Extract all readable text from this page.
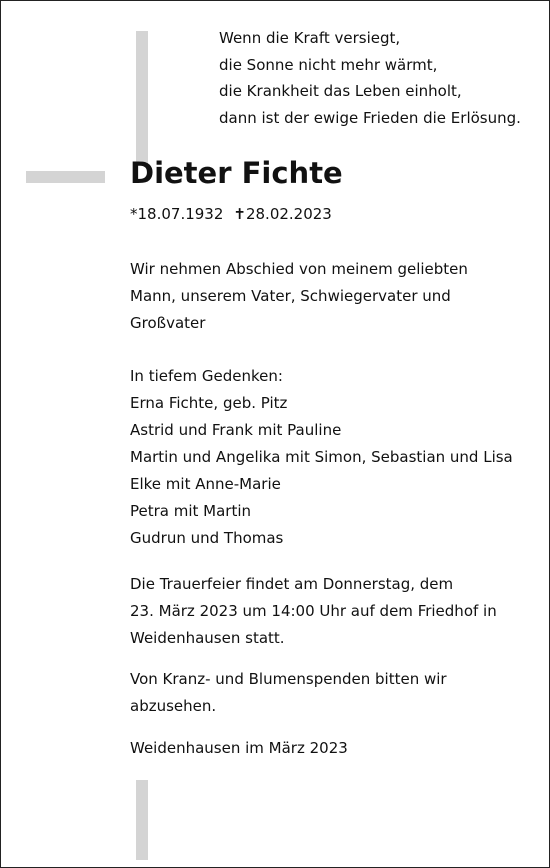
Wenn die Kraft versiegt,
die Sonne nicht mehr wärmt,
die Krankheit das Leben einholt,
dann ist der ewige Frieden die Erlösung.
Dieter Fichte
*18.07.1932 ✝28.02.2023
Wir nehmen Abschied von meinem geliebten
Mann, unserem Vater, Schwiegervater und
Großvater
In tiefem Gedenken:
Erna Fichte, geb. Pitz
Astrid und Frank mit Pauline
Martin und Angelika mit Simon, Sebastian und Lisa
Elke mit Anne-Marie
Petra mit Martin
Gudrun und Thomas
Die Trauerfeier findet am Donnerstag, dem
23. März 2023 um 14:00 Uhr auf dem Friedhof in
Weidenhausen statt.
Von Kranz- und Blumenspenden bitten wir
abzusehen.
Weidenhausen im März 2023
